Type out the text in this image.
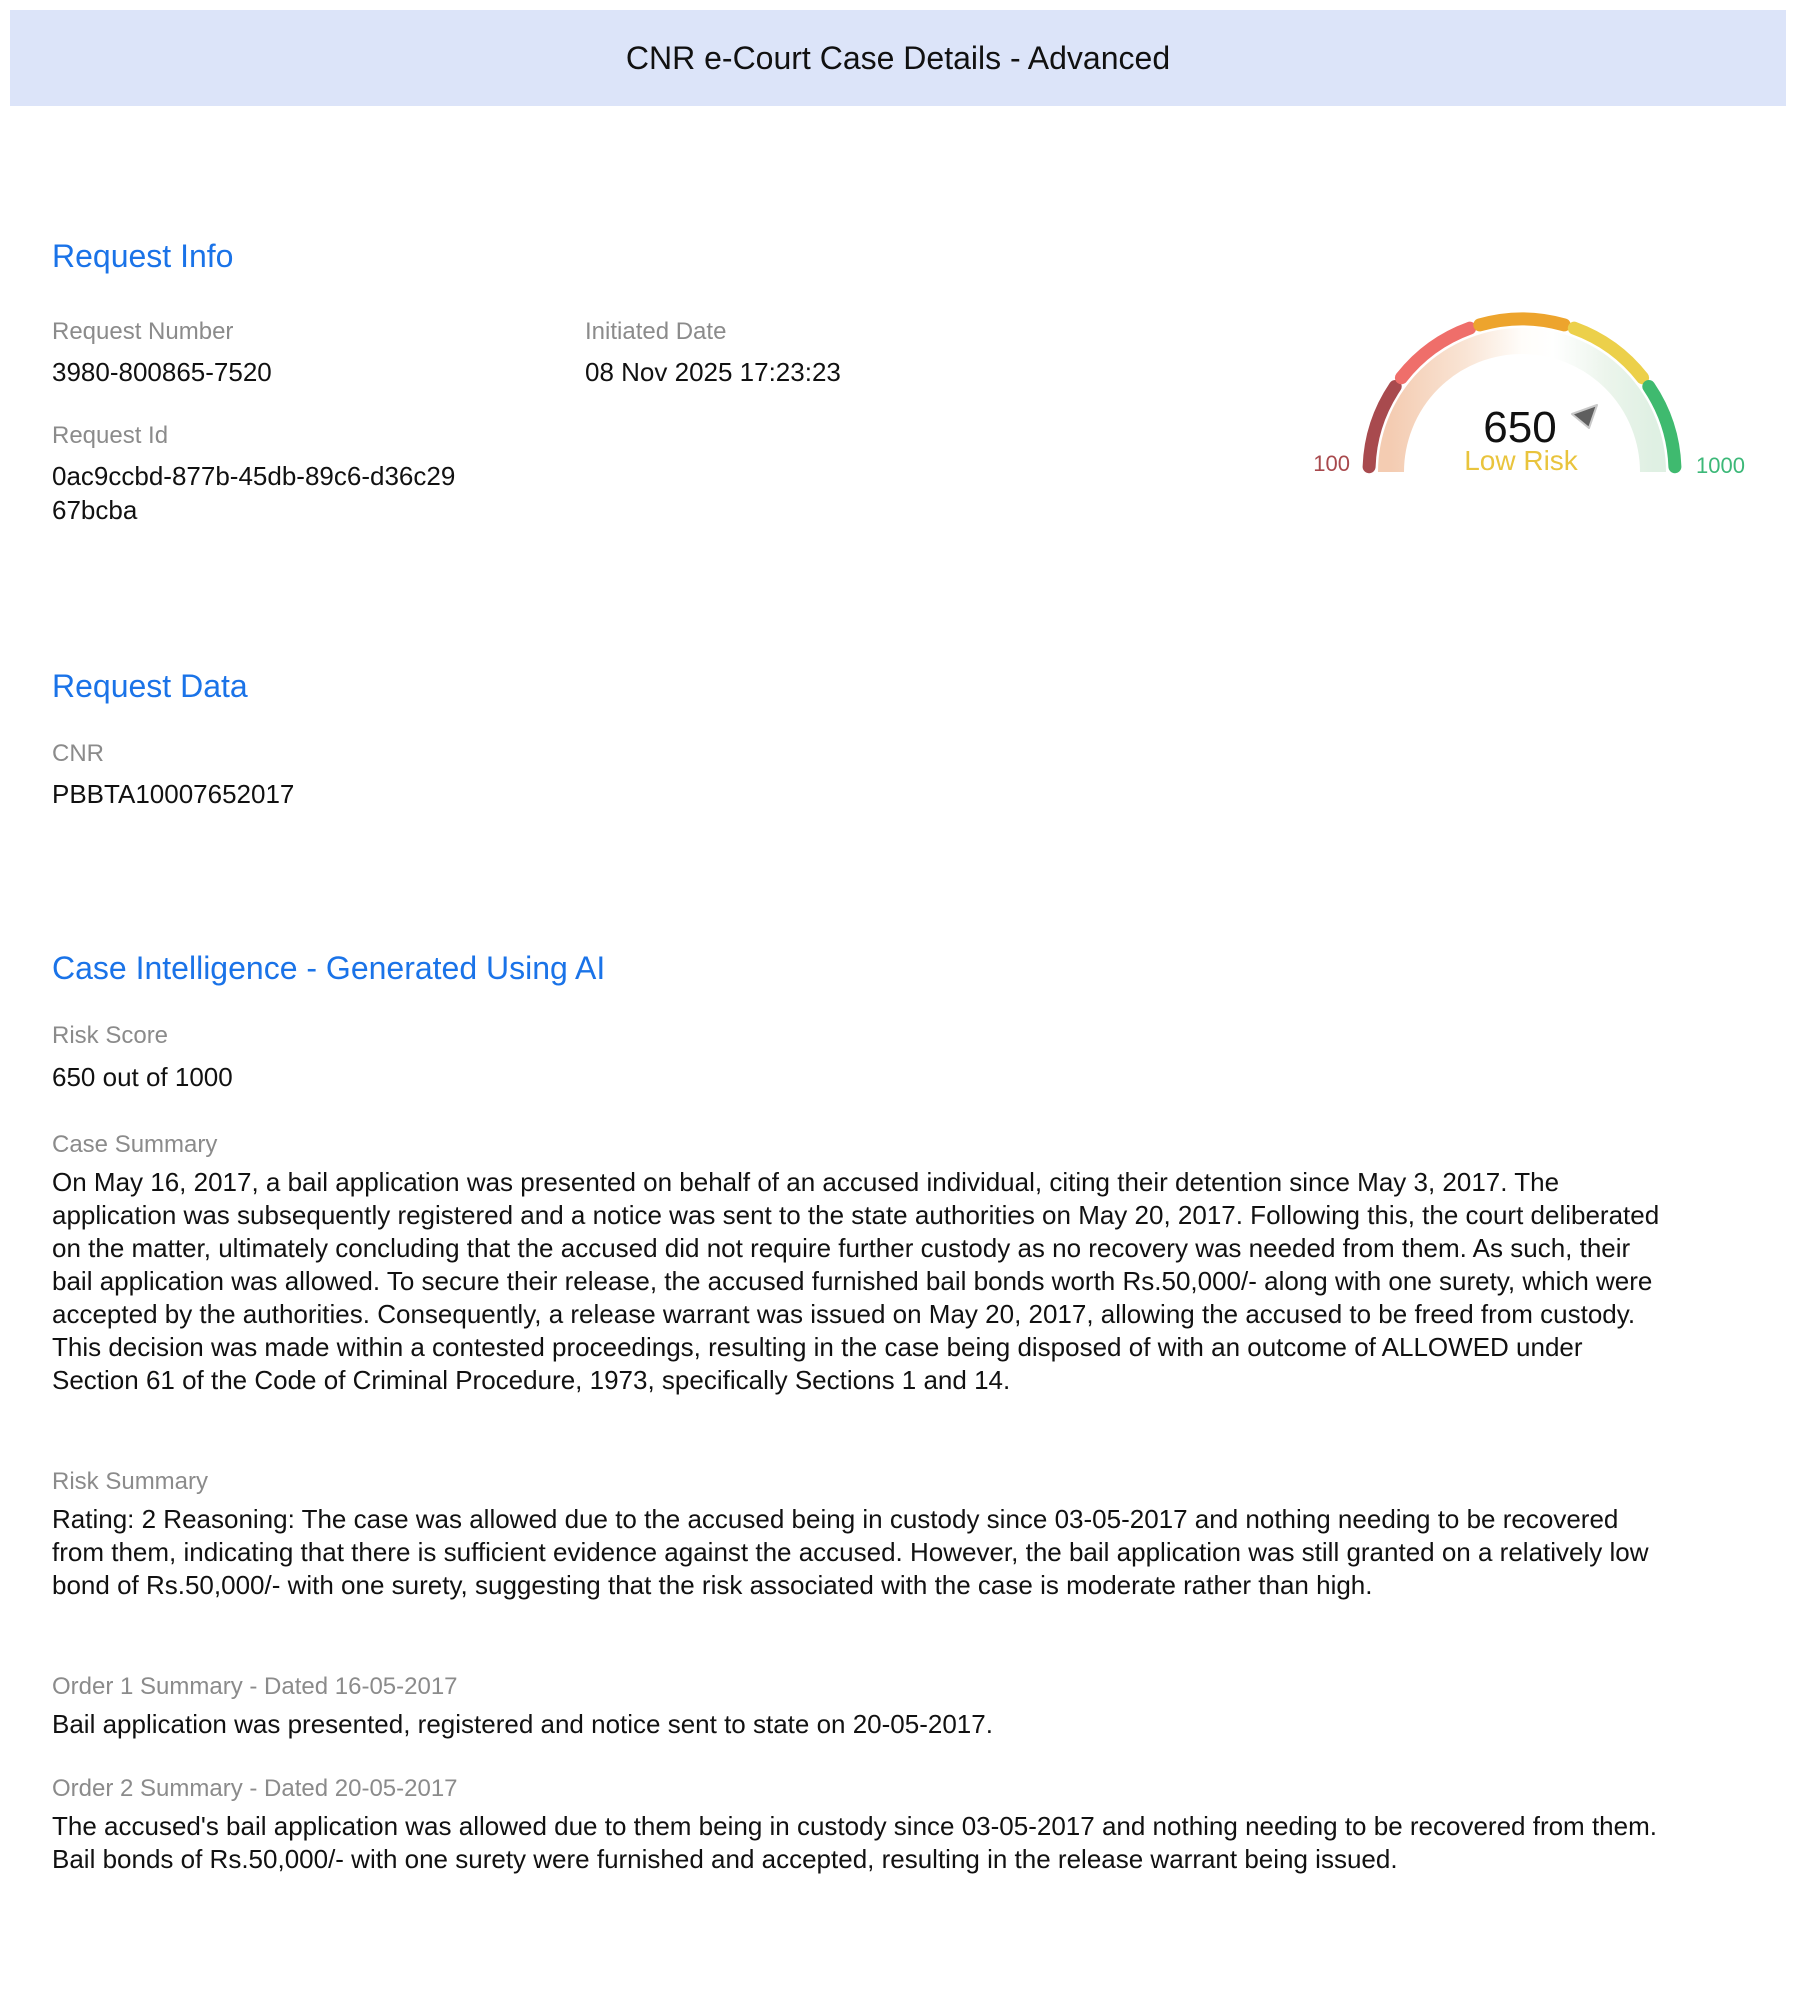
CNR e-Court Case Details - Advanced
Request Info
Request Number
3980-800865-7520
Initiated Date
08 Nov 2025 17:23:23
Request Id
0ac9ccbd-877b-45db-89c6-d36c2967bcba
650
Low Risk
100	1000
Request Data
CNR
PBBTA10007652017
Case Intelligence - Generated Using AI
Risk Score
650 out of 1000
Case Summary
On May 16, 2017, a bail application was presented on behalf of an accused individual, citing their detention since May 3, 2017. The application was subsequently registered and a notice was sent to the state authorities on May 20, 2017. Following this, the court deliberated on the matter, ultimately concluding that the accused did not require further custody as no recovery was needed from them. As such, their bail application was allowed. To secure their release, the accused furnished bail bonds worth Rs.50,000/- along with one surety, which were accepted by the authorities. Consequently, a release warrant was issued on May 20, 2017, allowing the accused to be freed from custody. This decision was made within a contested proceedings, resulting in the case being disposed of with an outcome of ALLOWED under Section 61 of the Code of Criminal Procedure, 1973, specifically Sections 1 and 14.
Risk Summary
Rating: 2 Reasoning: The case was allowed due to the accused being in custody since 03-05-2017 and nothing needing to be recovered from them, indicating that there is sufficient evidence against the accused. However, the bail application was still granted on a relatively low bond of Rs.50,000/- with one surety, suggesting that the risk associated with the case is moderate rather than high.
Order 1 Summary - Dated 16-05-2017
Bail application was presented, registered and notice sent to state on 20-05-2017.
Order 2 Summary - Dated 20-05-2017
The accused's bail application was allowed due to them being in custody since 03-05-2017 and nothing needing to be recovered from them. Bail bonds of Rs.50,000/- with one surety were furnished and accepted, resulting in the release warrant being issued.
